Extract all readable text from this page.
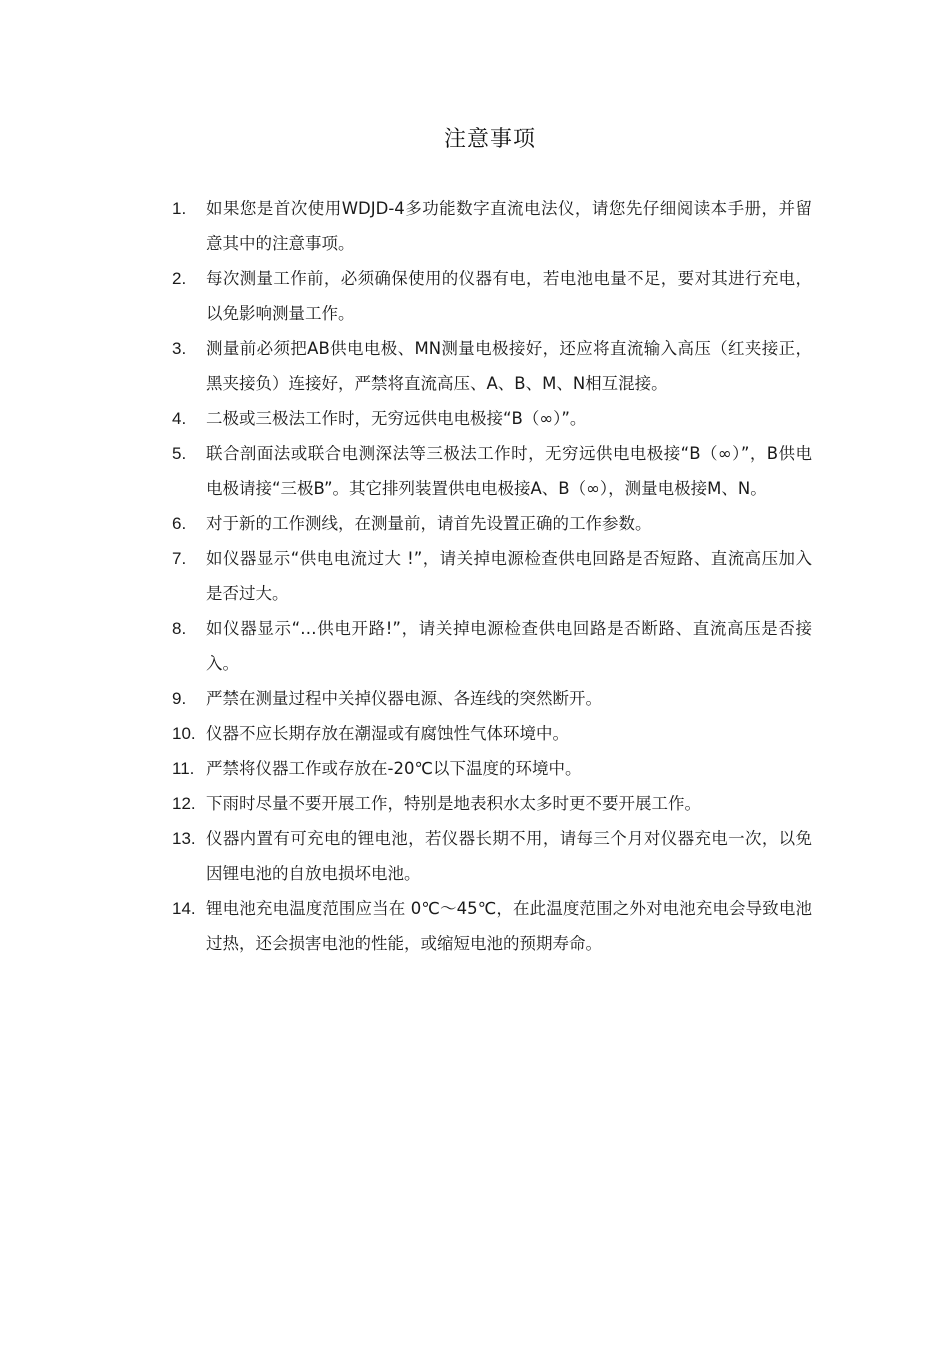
注意事项
1.	如果您是首次使用WDJD-4多功能数字直流电法仪，请您先仔细阅读本手册，并留意其中的注意事项。
2.	每次测量工作前，必须确保使用的仪器有电，若电池电量不足，要对其进行充电，以免影响测量工作。
3.	测量前必须把AB供电电极、MN测量电极接好，还应将直流输入高压（红夹接正，黑夹接负）连接好，严禁将直流高压、A、B、M、N相互混接。
4.	二极或三极法工作时，无穷远供电电极接“B（∞）”。
5.	联合剖面法或联合电测深法等三极法工作时，无穷远供电电极接“B（∞）”，B供电电极请接“三极B”。其它排列装置供电电极接A、B（∞），测量电极接M、N。
6.	对于新的工作测线，在测量前，请首先设置正确的工作参数。
7.	如仪器显示“供电电流过大 !”，请关掉电源检查供电回路是否短路、直流高压加入是否过大。
8.	如仪器显示“…供电开路!”，请关掉电源检查供电回路是否断路、直流高压是否接入。
9.	严禁在测量过程中关掉仪器电源、各连线的突然断开。
10. 仪器不应长期存放在潮湿或有腐蚀性气体环境中。
11. 严禁将仪器工作或存放在-20℃以下温度的环境中。
12. 下雨时尽量不要开展工作，特别是地表积水太多时更不要开展工作。
13. 仪器内置有可充电的锂电池，若仪器长期不用，请每三个月对仪器充电一次，以免因锂电池的自放电损坏电池。
14. 锂电池充电温度范围应当在 0℃～45℃，在此温度范围之外对电池充电会导致电池过热，还会损害电池的性能，或缩短电池的预期寿命。
